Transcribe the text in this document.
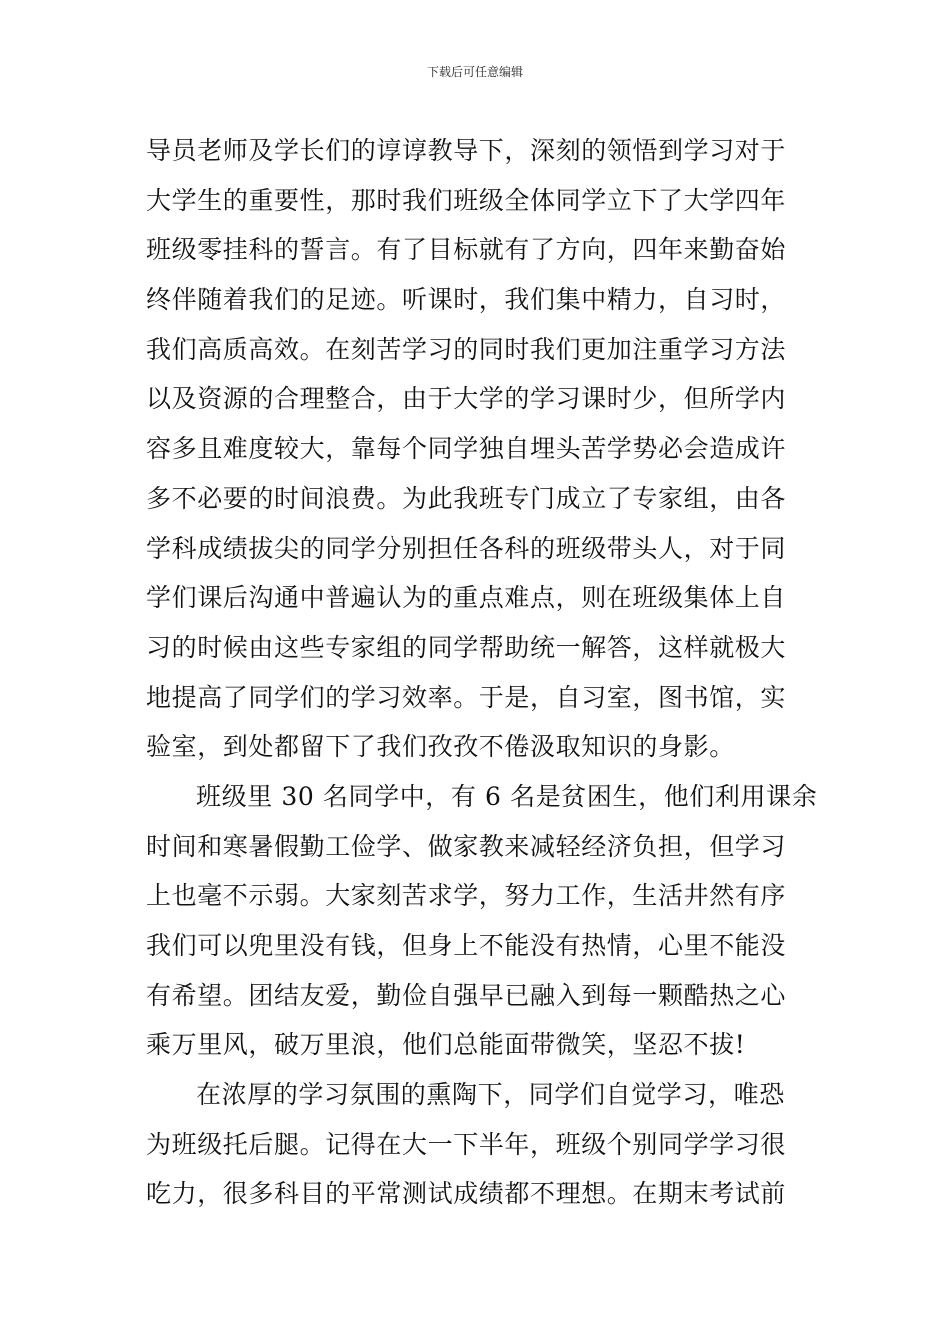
下载后可任意编辑
导员老师及学长们的谆谆教导下，深刻的领悟到学习对于
大学生的重要性，那时我们班级全体同学立下了大学四年
班级零挂科的誓言。有了目标就有了方向，四年来勤奋始
终伴随着我们的足迹。听课时，我们集中精力，自习时，
我们高质高效。在刻苦学习的同时我们更加注重学习方法
以及资源的合理整合，由于大学的学习课时少，但所学内
容多且难度较大，靠每个同学独自埋头苦学势必会造成许
多不必要的时间浪费。为此我班专门成立了专家组，由各
学科成绩拔尖的同学分别担任各科的班级带头人，对于同
学们课后沟通中普遍认为的重点难点，则在班级集体上自
习的时候由这些专家组的同学帮助统一解答，这样就极大
地提高了同学们的学习效率。于是，自习室，图书馆，实
验室，到处都留下了我们孜孜不倦汲取知识的身影。
班级里 30 名同学中，有 6 名是贫困生，他们利用课余
时间和寒暑假勤工俭学、做家教来减轻经济负担，但学习
上也毫不示弱。大家刻苦求学，努力工作，生活井然有序
我们可以兜里没有钱，但身上不能没有热情，心里不能没
有希望。团结友爱，勤俭自强早已融入到每一颗酷热之心
乘万里风，破万里浪，他们总能面带微笑，坚忍不拔!
在浓厚的学习氛围的熏陶下，同学们自觉学习，唯恐
为班级托后腿。记得在大一下半年，班级个别同学学习很
吃力，很多科目的平常测试成绩都不理想。在期末考试前
